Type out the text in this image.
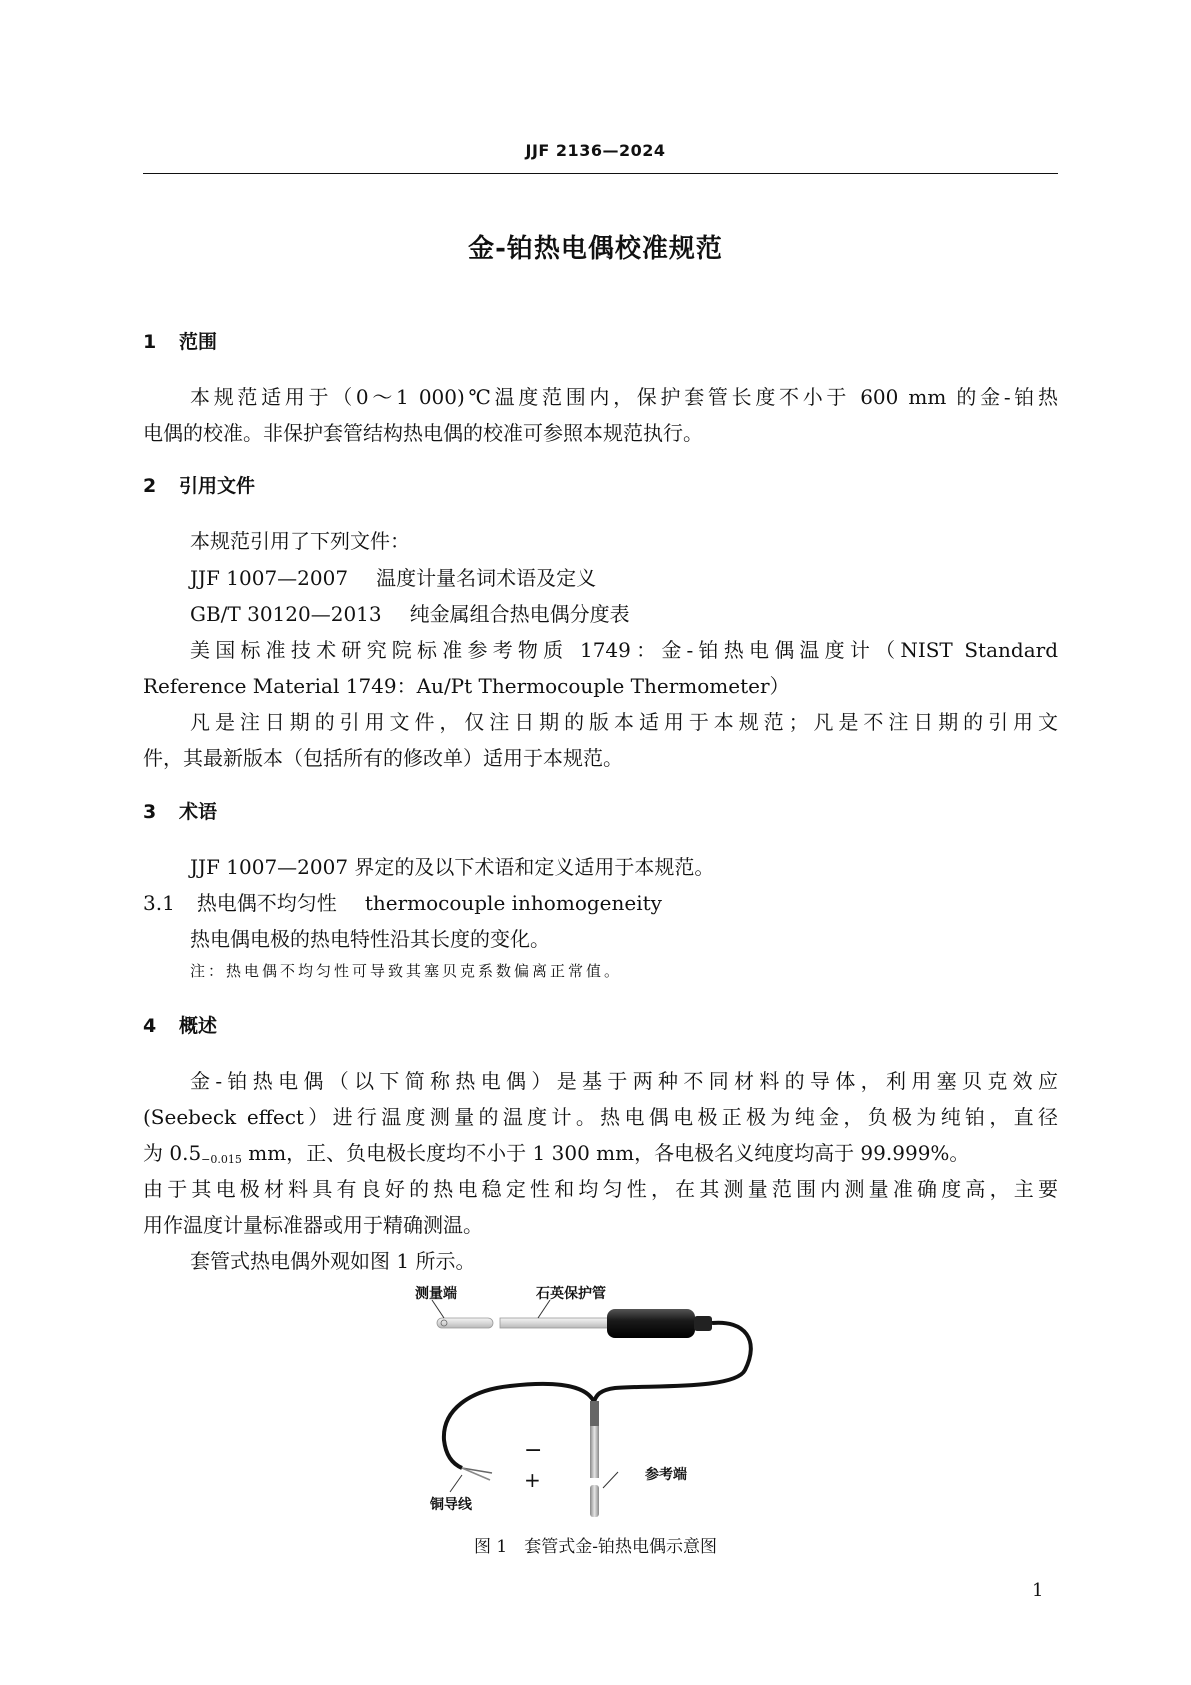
JJF 2136—2024
金-铂热电偶校准规范
1 范围
本规范适用于（0～1 000)℃温度范围内，保护套管长度不小于 600 mm 的金-铂热
电偶的校准。非保护套管结构热电偶的校准可参照本规范执行。
2 引用文件
本规范引用了下列文件：
JJF 1007—2007 温度计量名词术语及定义
GB/T 30120—2013 纯金属组合热电偶分度表
美国标准技术研究院标准参考物质 1749：金-铂热电偶温度计（NIST Standard
Reference Material 1749：Au/Pt Thermocouple Thermometer）
凡是注日期的引用文件，仅注日期的版本适用于本规范；凡是不注日期的引用文
件，其最新版本（包括所有的修改单）适用于本规范。
3 术语
JJF 1007—2007 界定的及以下术语和定义适用于本规范。
3.1 热电偶不均匀性 thermocouple inhomogeneity
热电偶电极的热电特性沿其长度的变化。
注：热电偶不均匀性可导致其塞贝克系数偏离正常值。
4 概述
金-铂热电偶（以下简称热电偶）是基于两种不同材料的导体，利用塞贝克效应
(Seebeck effect）进行温度测量的温度计。热电偶电极正极为纯金，负极为纯铂，直径
为 $0.5_{-0.015}$ mm，正、负电极长度均不小于 1 300 mm，各电极名义纯度均高于 99.999%。
由于其电极材料具有良好的热电稳定性和均匀性，在其测量范围内测量准确度高，主要
用作温度计量标准器或用于精确测温。
套管式热电偶外观如图 1 所示。
测量端	石英保护管
参考端
铜导线
−
+
图 1　套管式金-铂热电偶示意图
1
